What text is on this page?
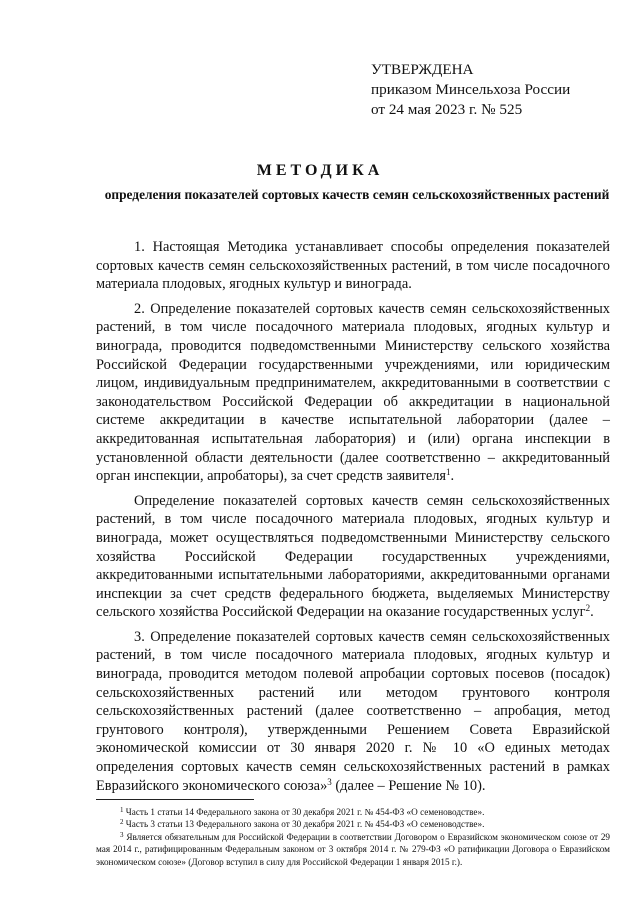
УТВЕРЖДЕНА
приказом Минсельхоза России
от 24 мая 2023 г. № 525
МЕТОДИКА
определения показателей сортовых качеств семян сельскохозяйственных растений

1. Настоящая Методика устанавливает способы определения показателей сортовых качеств семян сельскохозяйственных растений, в том числе посадочного материала плодовых, ягодных культур и винограда.

2. Определение показателей сортовых качеств семян сельскохозяйственных растений, в том числе посадочного материала плодовых, ягодных культур и винограда, проводится подведомственными Министерству сельского хозяйства Российской Федерации государственными учреждениями, или юридическим лицом, индивидуальным предпринимателем, аккредитованными в соответствии с законодательством Российской Федерации об аккредитации в национальной системе аккредитации в качестве испытательной лаборатории (далее – аккредитованная испытательная лаборатория) и (или) органа инспекции в установленной области деятельности (далее соответственно – аккредитованный орган инспекции, апробаторы), за счет средств заявителя$^1$.

Определение показателей сортовых качеств семян сельскохозяйственных растений, в том числе посадочного материала плодовых, ягодных культур и винограда, может осуществляться подведомственными Министерству сельского хозяйства Российской Федерации государственных учреждениями, аккредитованными испытательными лабораториями, аккредитованными органами инспекции за счет средств федерального бюджета, выделяемых Министерству сельского хозяйства Российской Федерации на оказание государственных услуг$^2$.

3. Определение показателей сортовых качеств семян сельскохозяйственных растений, в том числе посадочного материала плодовых, ягодных культур и винограда, проводится методом полевой апробации сортовых посевов (посадок) сельскохозяйственных растений или методом грунтового контроля сельскохозяйственных растений (далее соответственно – апробация, метод грунтового контроля), утвержденными Решением Совета Евразийской экономической комиссии от 30 января 2020 г. № 10 «О единых методах определения сортовых качеств семян сельскохозяйственных растений в рамках Евразийского экономического союза»$^3$ (далее – Решение № 10).

$^1$ Часть 1 статьи 14 Федерального закона от 30 декабря 2021 г. № 454-ФЗ «О семеноводстве».

$^2$ Часть 3 статьи 13 Федерального закона от 30 декабря 2021 г. № 454-ФЗ «О семеноводстве».

$^3$ Является обязательным для Российской Федерации в соответствии Договором о Евразийском экономическом союзе от 29 мая 2014 г., ратифицированным Федеральным законом от 3 октября 2014 г. № 279-ФЗ «О ратификации Договора о Евразийском экономическом союзе» (Договор вступил в силу для Российской Федерации 1 января 2015 г.).
